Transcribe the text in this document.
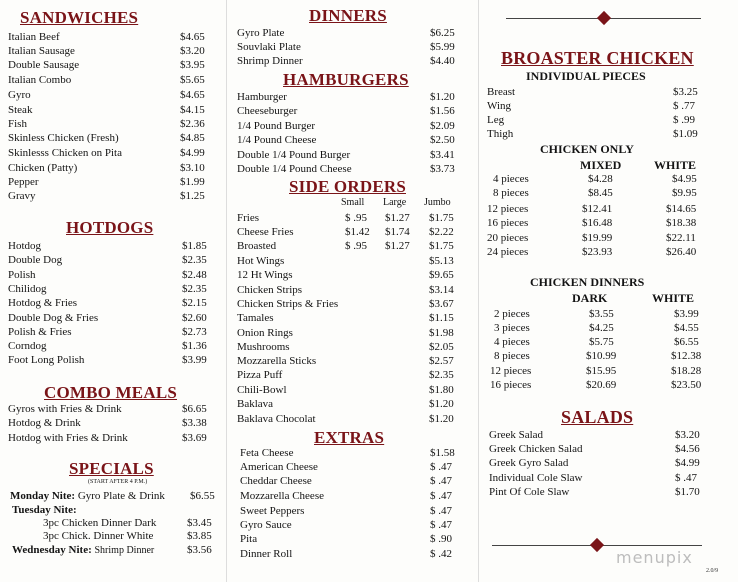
SANDWICHES
Italian Beef	$4.65
Italian Sausage	$3.20
Double Sausage	$3.95
Italian Combo	$5.65
Gyro	$4.65
Steak	$4.15
Fish	$2.36
Skinless Chicken (Fresh)	$4.85
Skinlesss Chicken on Pita	$4.99
Chicken (Patty)	$3.10
Pepper	$1.99
Gravy	$1.25
HOTDOGS
Hotdog	$1.85
Double Dog	$2.35
Polish	$2.48
Chilidog	$2.35
Hotdog & Fries	$2.15
Double Dog & Fries	$2.60
Polish & Fries	$2.73
Corndog	$1.36
Foot Long Polish	$3.99
COMBO MEALS
Gyros with Fries & Drink	$6.65
Hotdog & Drink	$3.38
Hotdog with Fries & Drink	$3.69
SPECIALS
(START AFTER 4 P.M.)
Monday Nite: Gyro Plate & Drink $6.55
Tuesday Nite:
3pc Chicken Dinner Dark	$3.45
3pc Chick. Dinner White	$3.85
Wednesday Nite: Shrimp Dinner	$3.56
DINNERS
Gyro Plate	$6.25
Souvlaki Plate	$5.99
Shrimp Dinner	$4.40
HAMBURGERS
Hamburger	$1.20
Cheeseburger	$1.56
1/4 Pound Burger	$2.09
1/4 Pound Cheese	$2.50
Double 1/4 Pound Burger	$3.41
Double 1/4 Pound Cheese	$3.73
SIDE ORDERS
Small Large Jumbo
Fries	$ .95 $1.27 $1.75
Cheese Fries	$1.42 $1.74 $2.22
Broasted	$ .95 $1.27 $1.75
Hot Wings	$5.13
12 Ht Wings	$9.65
Chicken Strips	$3.14
Chicken Strips & Fries	$3.67
Tamales	$1.15
Onion Rings	$1.98
Mushrooms	$2.05
Mozzarella Sticks	$2.57
Pizza Puff	$2.35
Chili-Bowl	$1.80
Baklava	$1.20
Baklava Chocolat	$1.20
EXTRAS
Feta Cheese	$1.58
American Cheese	$ .47
Cheddar Cheese	$ .47
Mozzarella Cheese	$ .47
Sweet Peppers	$ .47
Gyro Sauce	$ .47
Pita	$ .90
Dinner Roll	$ .42
BROASTER CHICKEN
INDIVIDUAL PIECES
Breast	$3.25
Wing	$ .77
Leg	$ .99
Thigh	$1.09
CHICKEN ONLY
MIXED	WHITE
4 pieces	$4.28	$4.95
8 pieces	$8.45	$9.95
12 pieces	$12.41	$14.65
16 pieces	$16.48	$18.38
20 pieces	$19.99	$22.11
24 pieces	$23.93	$26.40
CHICKEN DINNERS
DARK	WHITE
2 pieces	$3.55	$3.99
3 pieces	$4.25	$4.55
4 pieces	$5.75	$6.55
8 pieces	$10.99	$12.38
12 pieces	$15.95	$18.28
16 pieces	$20.69	$23.50
SALADS
Greek Salad	$3.20
Greek Chicken Salad	$4.56
Greek Gyro Salad	$4.99
Individual Cole Slaw	$ .47
Pint Of Cole Slaw	$1.70
menupix
2.0/9
